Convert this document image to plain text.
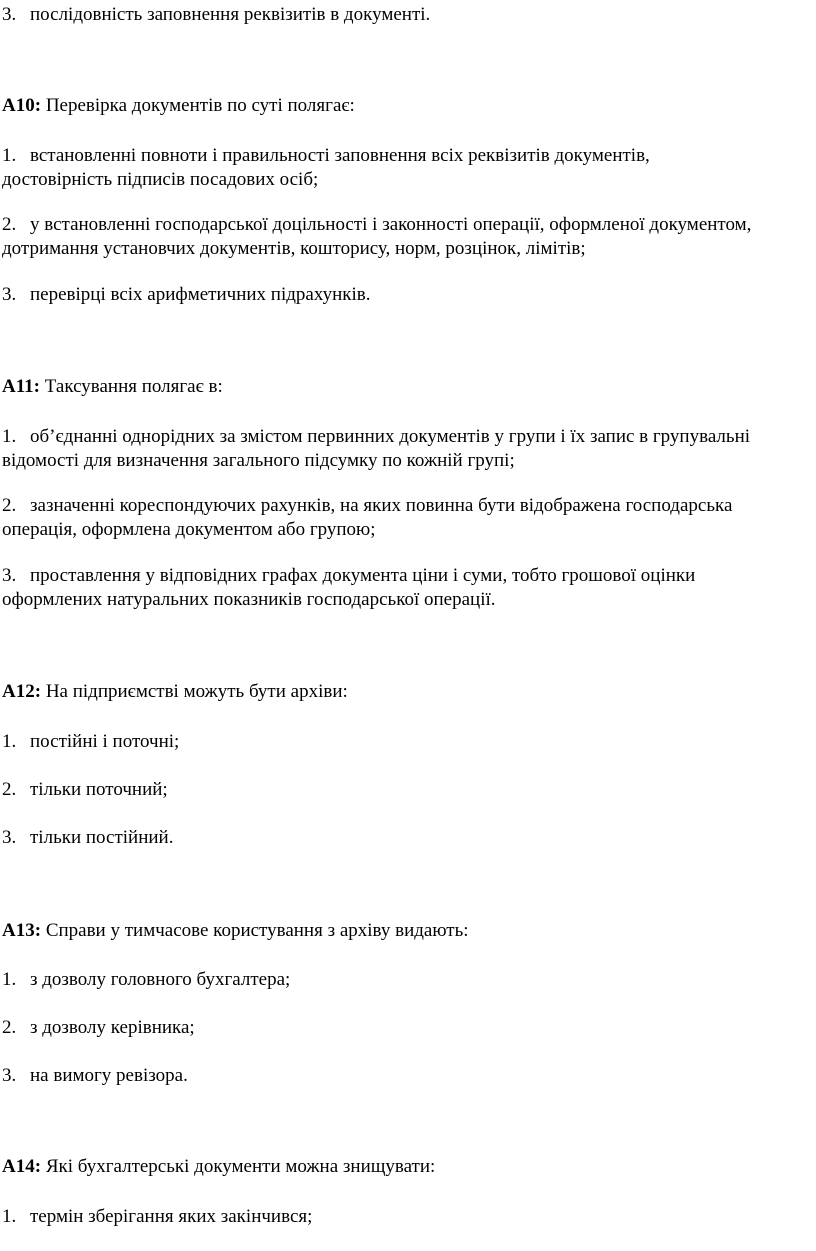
3. послідовність заповнення реквізитів в документі.
A10: Перевірка документів по суті полягає:
1. встановленні повноти і правильності заповнення всіх реквізитів документів,
достовірність підписів посадових осіб;
2. у встановленні господарської доцільності і законності операції, оформленої документом,
дотримання установчих документів, кошторису, норм, розцінок, лімітів;
3. перевірці всіх арифметичних підрахунків.
A11: Таксування полягає в:
1. об’єднанні однорідних за змістом первинних документів у групи і їх запис в групувальні
відомості для визначення загального підсумку по кожній групі;
2. зазначенні кореспондуючих рахунків, на яких повинна бути відображена господарська
операція, оформлена документом або групою;
3. проставлення у відповідних графах документа ціни і суми, тобто грошової оцінки
оформлених натуральних показників господарської операції.
A12: На підприємстві можуть бути архіви:
1. постійні і поточні;
2. тільки поточний;
3. тільки постійний.
A13: Справи у тимчасове користування з архіву видають:
1. з дозволу головного бухгалтера;
2. з дозволу керівника;
3. на вимогу ревізора.
A14: Які бухгалтерські документи можна знищувати:
1. термін зберігання яких закінчився;
